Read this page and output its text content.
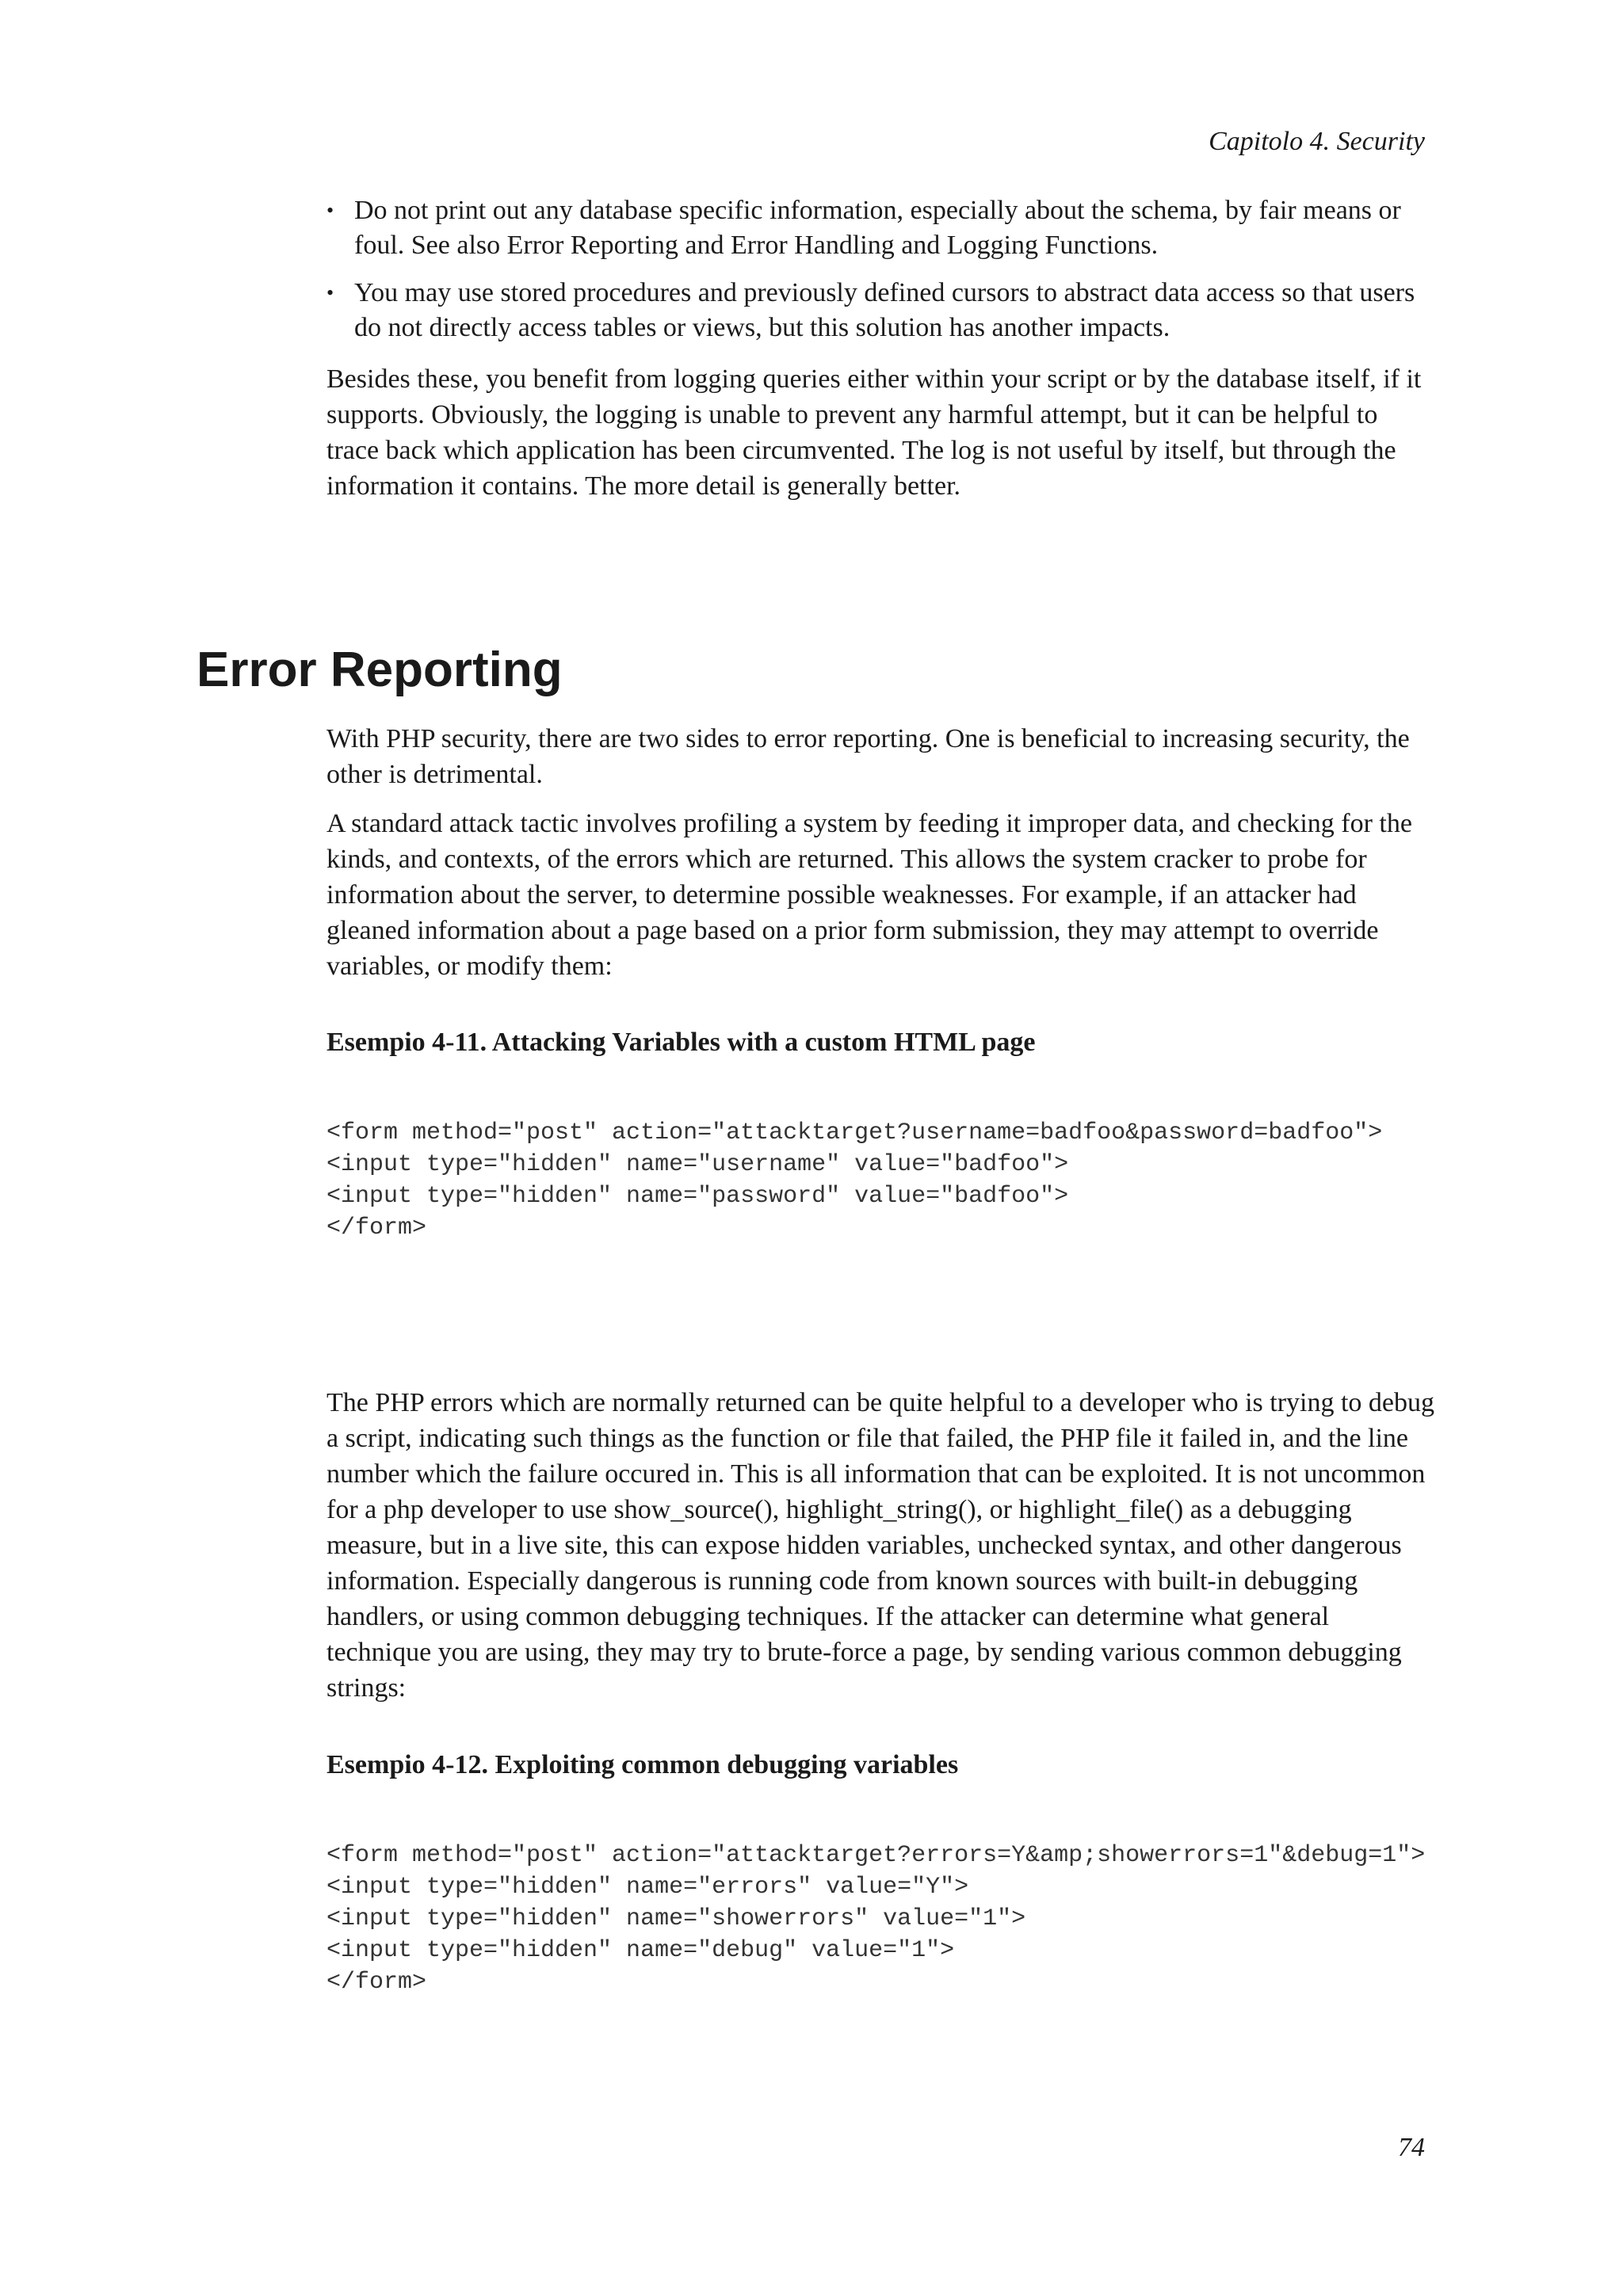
Capitolo 4. Security
• Do not print out any database specific information, especially about the schema, by fair means or foul. See also Error Reporting and Error Handling and Logging Functions.
• You may use stored procedures and previously defined cursors to abstract data access so that users do not directly access tables or views, but this solution has another impacts.

Besides these, you benefit from logging queries either within your script or by the database itself, if it supports. Obviously, the logging is unable to prevent any harmful attempt, but it can be helpful to trace back which application has been circumvented. The log is not useful by itself, but through the information it contains. The more detail is generally better.

Error Reporting

With PHP security, there are two sides to error reporting. One is beneficial to increasing security, the other is detrimental.

A standard attack tactic involves profiling a system by feeding it improper data, and checking for the kinds, and contexts, of the errors which are returned. This allows the system cracker to probe for information about the server, to determine possible weaknesses. For example, if an attacker had gleaned information about a page based on a prior form submission, they may attempt to override variables, or modify them:

Esempio 4-11. Attacking Variables with a custom HTML page
<form method="post" action="attacktarget?username=badfoo&password=badfoo">
<input type="hidden" name="username" value="badfoo">
<input type="hidden" name="password" value="badfoo">
</form>

The PHP errors which are normally returned can be quite helpful to a developer who is trying to debug a script, indicating such things as the function or file that failed, the PHP file it failed in, and the line number which the failure occured in. This is all information that can be exploited. It is not uncommon for a php developer to use show_source(), highlight_string(), or highlight_file() as a debugging measure, but in a live site, this can expose hidden variables, unchecked syntax, and other dangerous information. Especially dangerous is running code from known sources with built-in debugging handlers, or using common debugging techniques. If the attacker can determine what general technique you are using, they may try to brute-force a page, by sending various common debugging strings:

Esempio 4-12. Exploiting common debugging variables
<form method="post" action="attacktarget?errors=Y&amp;showerrors=1"&debug=1">
<input type="hidden" name="errors" value="Y">
<input type="hidden" name="showerrors" value="1">
<input type="hidden" name="debug" value="1">
</form>
74
